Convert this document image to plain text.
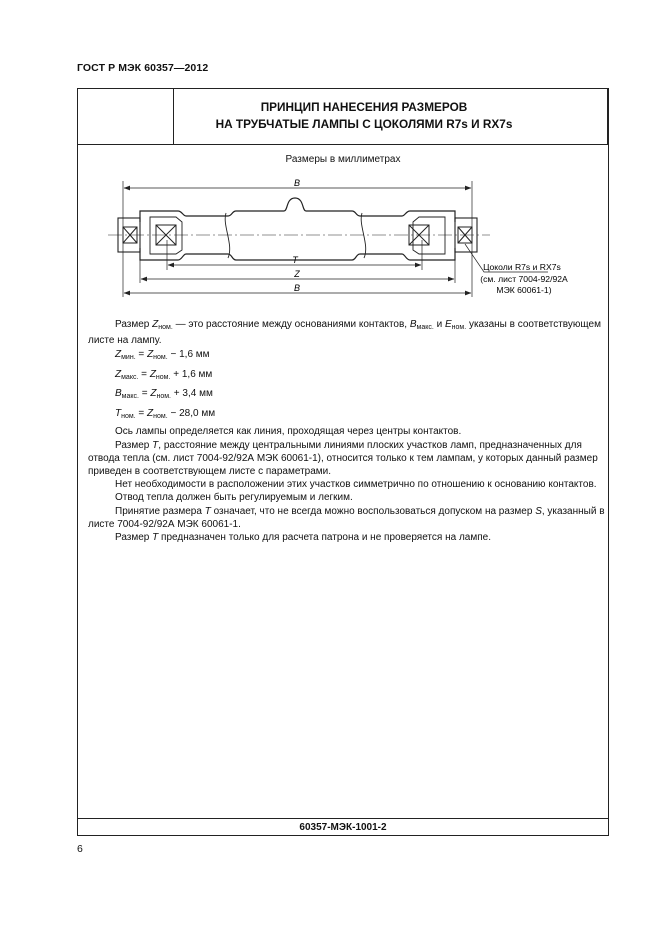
ГОСТ Р МЭК 60357—2012
ПРИНЦИП НАНЕСЕНИЯ РАЗМЕРОВ
НА ТРУБЧАТЫЕ ЛАМПЫ С ЦОКОЛЯМИ R7s И RX7s
Размеры в миллиметрах
60357-МЭК-1001-2
B
T
Z
B
Цоколи R7s и RX7s
(см. лист 7004-92/92А
МЭК 60061-1)

Размер $Z_{ном.}$ — это расстояние между основаниями контактов, $B_{макс.}$ и $E_{ном.}$ указаны в соответствующем листе на лампу.

$Z_{мин.} = Z_{ном.} - 1,6$ мм
$Z_{макс.} = Z_{ном.} + 1,6$ мм
$B_{макс.} = Z_{ном.} + 3,4$ мм
$T_{ном.} = Z_{ном.} - 28,0$ мм

Ось лампы определяется как линия, проходящая через центры контактов.

Размер T, расстояние между центральными линиями плоских участков ламп, предназначенных для отвода тепла (см. лист 7004-92/92А МЭК 60061-1), относится только к тем лампам, у которых данный размер приведен в соответствующем листе с параметрами.

Нет необходимости в расположении этих участков симметрично по отношению к основанию контактов.

Отвод тепла должен быть регулируемым и легким.

Принятие размера T означает, что не всегда можно воспользоваться допуском на размер S, указанный в листе 7004-92/92А МЭК 60061-1.

Размер T предназначен только для расчета патрона и не проверяется на лампе.

6
